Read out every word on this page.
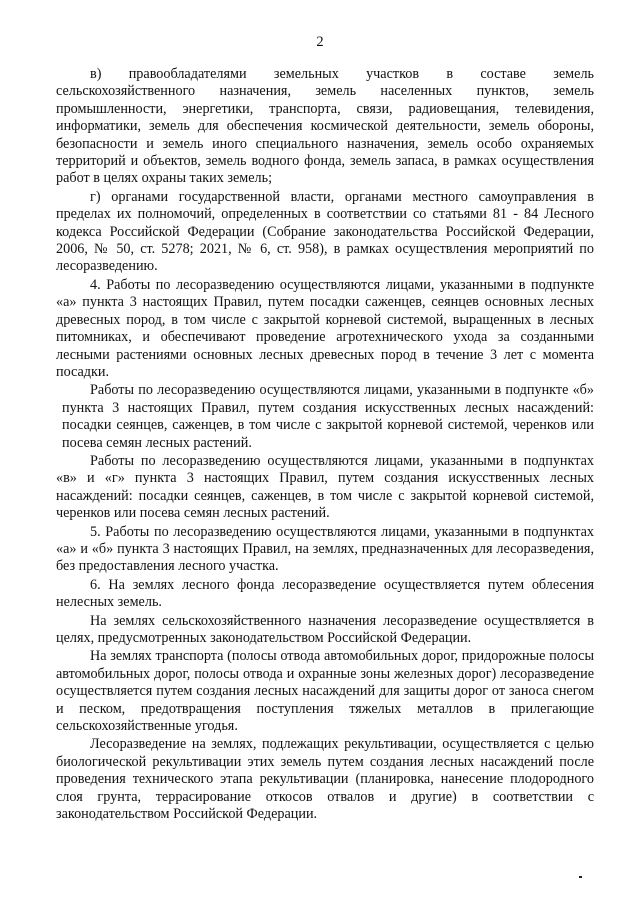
2

в) правообладателями земельных участков в составе земель сельскохозяйственного назначения, земель населенных пунктов, земель промышленности, энергетики, транспорта, связи, радиовещания, телевидения, информатики, земель для обеспечения космической деятельности, земель обороны, безопасности и земель иного специального назначения, земель особо охраняемых территорий и объектов, земель водного фонда, земель запаса, в рамках осуществления работ в целях охраны таких земель;

г) органами государственной власти, органами местного самоуправления в пределах их полномочий, определенных в соответствии со статьями 81 - 84 Лесного кодекса Российской Федерации (Собрание законодательства Российской Федерации, 2006, № 50, ст. 5278; 2021, № 6, ст. 958), в рамках осуществления мероприятий по лесоразведению.

4. Работы по лесоразведению осуществляются лицами, указанными в подпункте «а» пункта 3 настоящих Правил, путем посадки саженцев, сеянцев основных лесных древесных пород, в том числе с закрытой корневой системой, выращенных в лесных питомниках, и обеспечивают проведение агротехнического ухода за созданными лесными растениями основных лесных древесных пород в течение 3 лет с момента посадки.

Работы по лесоразведению осуществляются лицами, указанными в подпункте «б» пункта 3 настоящих Правил, путем создания искусственных лесных насаждений: посадки сеянцев, саженцев, в том числе с закрытой корневой системой, черенков или посева семян лесных растений.

Работы по лесоразведению осуществляются лицами, указанными в подпунктах «в» и «г» пункта 3 настоящих Правил, путем создания искусственных лесных насаждений: посадки сеянцев, саженцев, в том числе с закрытой корневой системой, черенков или посева семян лесных растений.

5. Работы по лесоразведению осуществляются лицами, указанными в подпунктах «а» и «б» пункта 3 настоящих Правил, на землях, предназначенных для лесоразведения, без предоставления лесного участка.

6. На землях лесного фонда лесоразведение осуществляется путем облесения нелесных земель.

На землях сельскохозяйственного назначения лесоразведение осуществляется в целях, предусмотренных законодательством Российской Федерации.

На землях транспорта (полосы отвода автомобильных дорог, придорожные полосы автомобильных дорог, полосы отвода и охранные зоны железных дорог) лесоразведение осуществляется путем создания лесных насаждений для защиты дорог от заноса снегом и песком, предотвращения поступления тяжелых металлов в прилегающие сельскохозяйственные угодья.

Лесоразведение на землях, подлежащих рекультивации, осуществляется с целью биологической рекультивации этих земель путем создания лесных насаждений после проведения технического этапа рекультивации (планировка, нанесение плодородного слоя грунта, террасирование откосов отвалов и другие) в соответствии с законодательством Российской Федерации.
